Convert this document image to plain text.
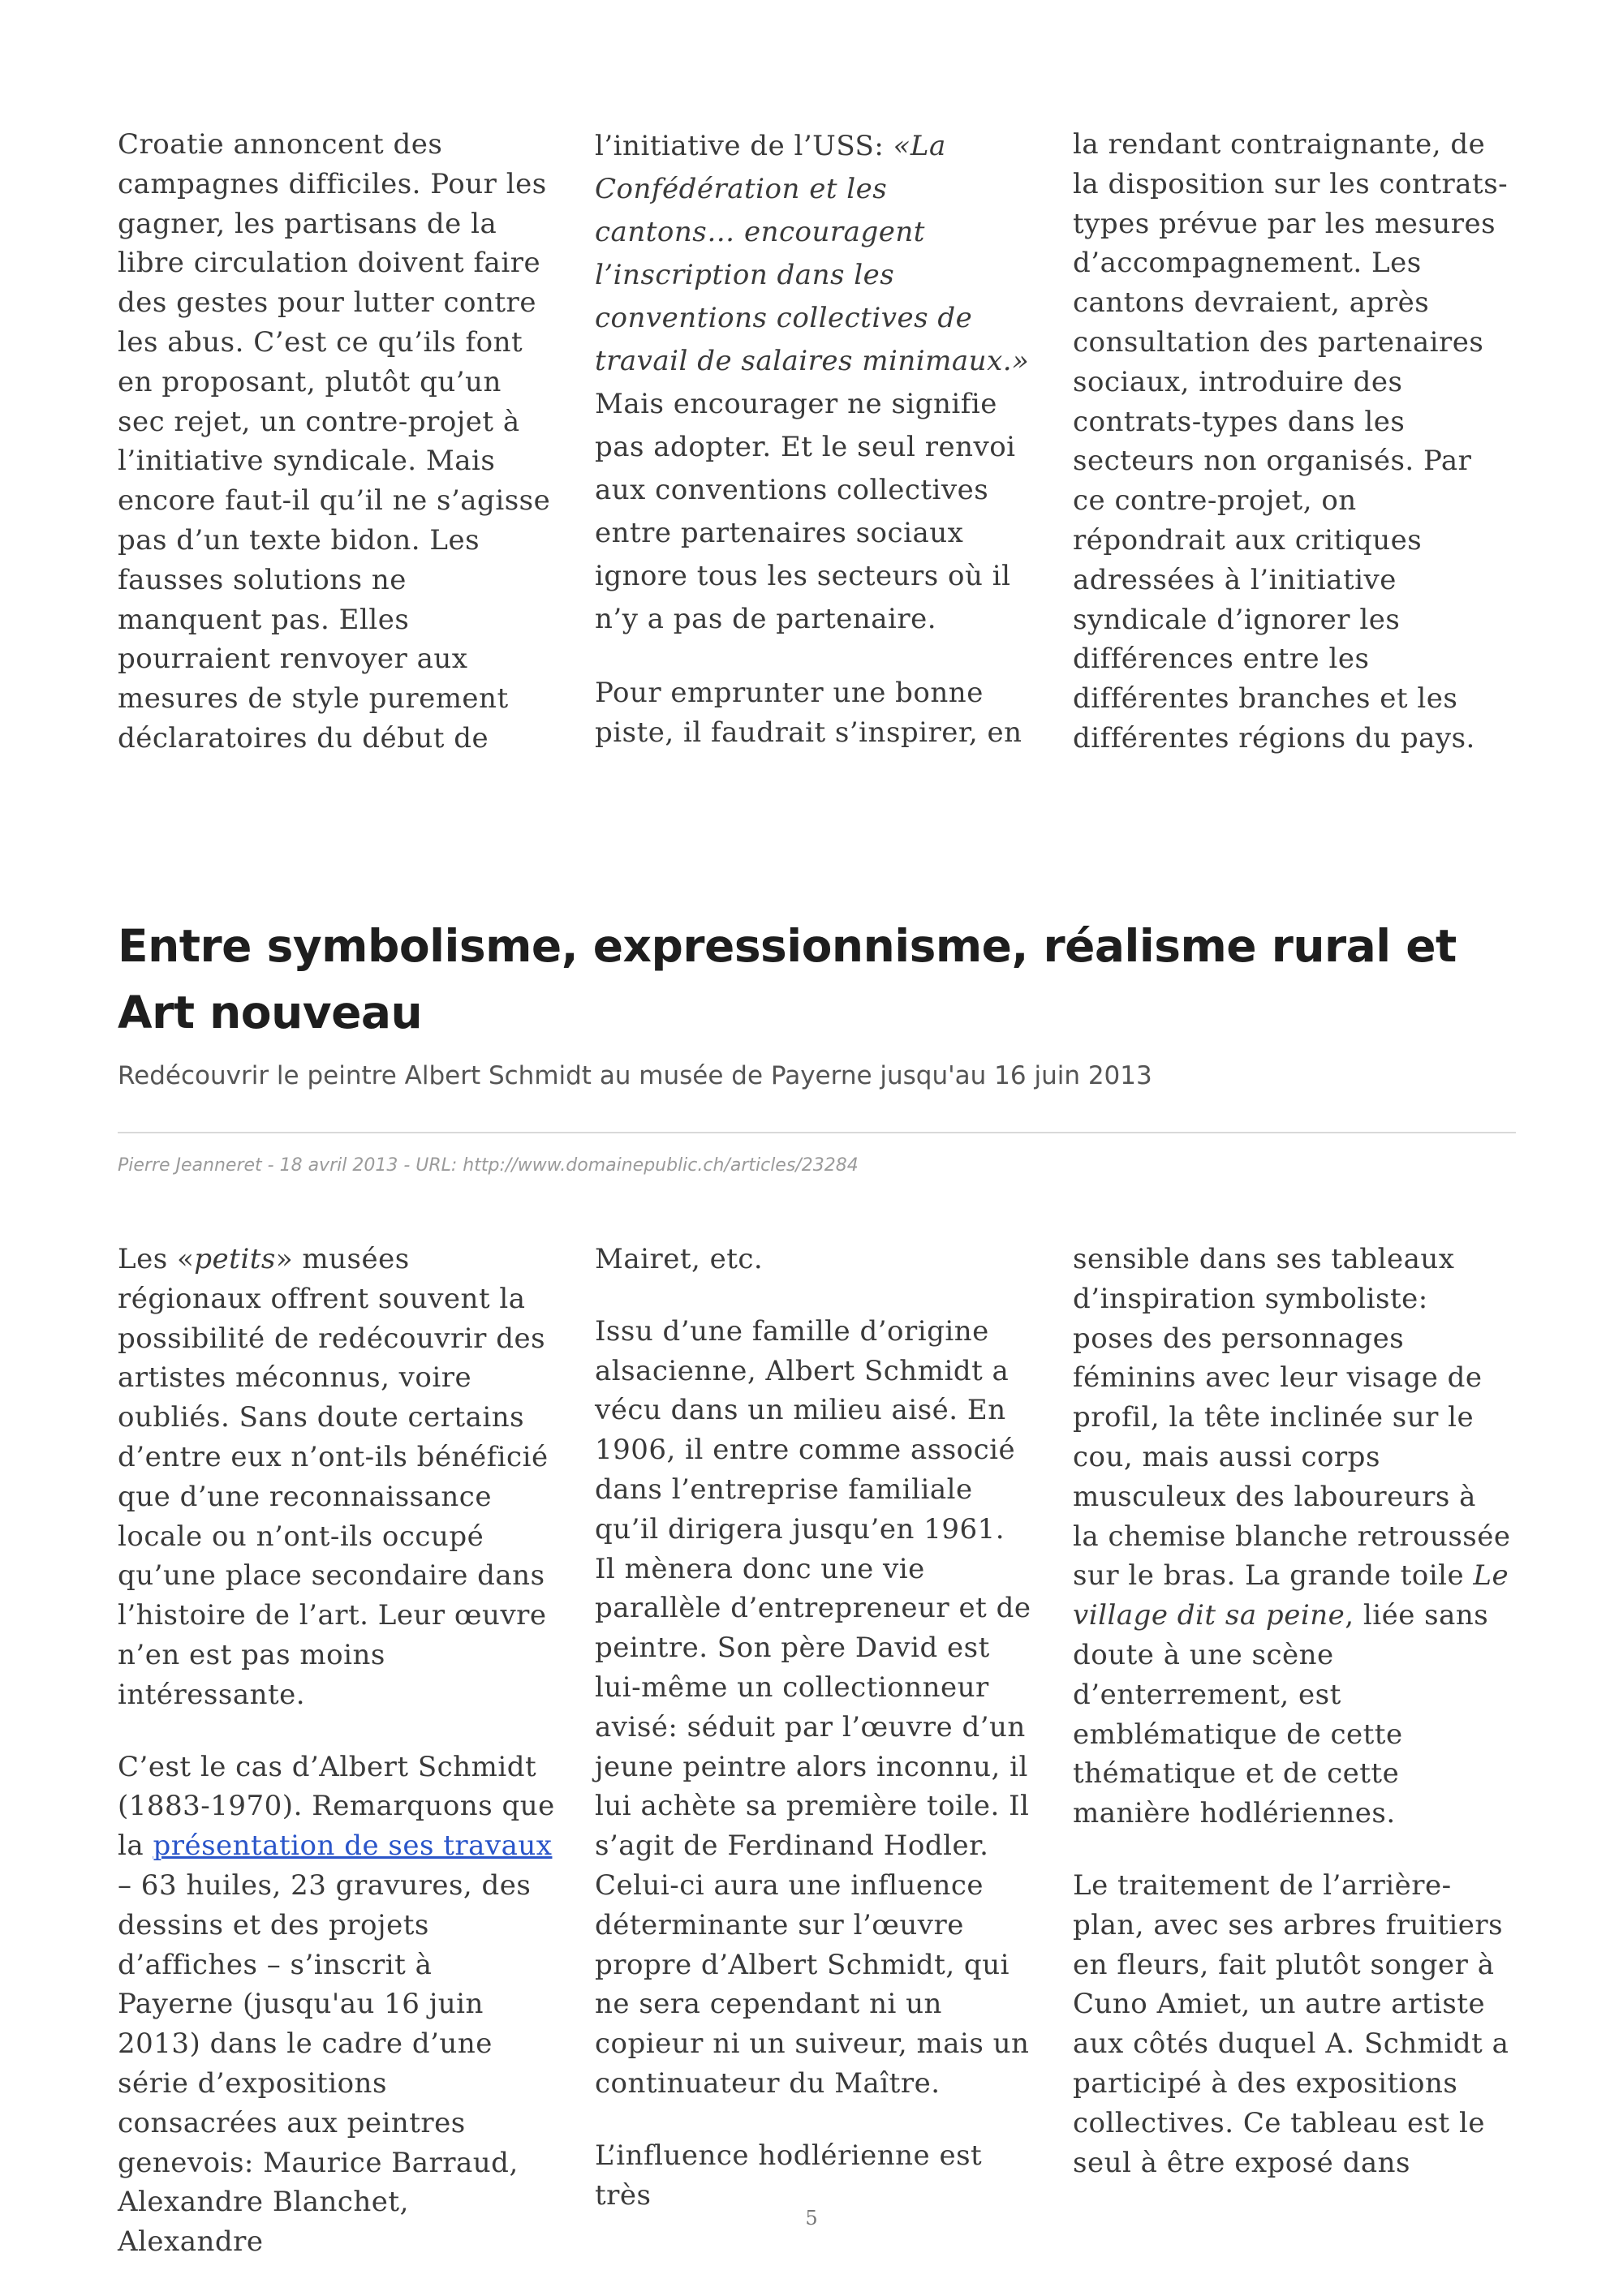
Croatie annoncent des campagnes difficiles. Pour les gagner, les partisans de la libre circulation doivent faire des gestes pour lutter contre les abus. C’est ce qu’ils font en proposant, plutôt qu’un sec rejet, un contre-projet à l’initiative syndicale. Mais encore faut-il qu’il ne s’agisse pas d’un texte bidon. Les fausses solutions ne manquent pas. Elles pourraient renvoyer aux mesures de style purement déclaratoires du début de

l’initiative de l’USS: «La Confédération et les cantons… encouragent l’inscription dans les conventions collectives de travail de salaires minimaux.» Mais encourager ne signifie pas adopter. Et le seul renvoi aux conventions collectives entre partenaires sociaux ignore tous les secteurs où il n’y a pas de partenaire.

Pour emprunter une bonne piste, il faudrait s’inspirer, en

la rendant contraignante, de la disposition sur les contrats-types prévue par les mesures d’accompagnement. Les cantons devraient, après consultation des partenaires sociaux, introduire des contrats-types dans les secteurs non organisés. Par ce contre-projet, on répondrait aux critiques adressées à l’initiative syndicale d’ignorer les différences entre les différentes branches et les différentes régions du pays.

Entre symbolisme, expressionnisme, réalisme rural et Art nouveau
Redécouvrir le peintre Albert Schmidt au musée de Payerne jusqu'au 16 juin 2013
Pierre Jeanneret - 18 avril 2013 - URL: http://www.domainepublic.ch/articles/23284

Les «petits» musées régionaux offrent souvent la possibilité de redécouvrir des artistes méconnus, voire oubliés. Sans doute certains d’entre eux n’ont-ils bénéficié que d’une reconnaissance locale ou n’ont-ils occupé qu’une place secondaire dans l’histoire de l’art. Leur œuvre n’en est pas moins intéressante.

C’est le cas d’Albert Schmidt (1883-1970). Remarquons que la présentation de ses travaux – 63 huiles, 23 gravures, des dessins et des projets d’affiches – s’inscrit à Payerne (jusqu'au 16 juin 2013) dans le cadre d’une série d’expositions consacrées aux peintres genevois: Maurice Barraud, Alexandre Blanchet, Alexandre

Mairet, etc.

Issu d’une famille d’origine alsacienne, Albert Schmidt a vécu dans un milieu aisé. En 1906, il entre comme associé dans l’entreprise familiale qu’il dirigera jusqu’en 1961. Il mènera donc une vie parallèle d’entrepreneur et de peintre. Son père David est lui-même un collectionneur avisé: séduit par l’œuvre d’un jeune peintre alors inconnu, il lui achète sa première toile. Il s’agit de Ferdinand Hodler. Celui-ci aura une influence déterminante sur l’œuvre propre d’Albert Schmidt, qui ne sera cependant ni un copieur ni un suiveur, mais un continuateur du Maître.

L’influence hodlérienne est très

sensible dans ses tableaux d’inspiration symboliste: poses des personnages féminins avec leur visage de profil, la tête inclinée sur le cou, mais aussi corps musculeux des laboureurs à la chemise blanche retroussée sur le bras. La grande toile Le village dit sa peine, liée sans doute à une scène d’enterrement, est emblématique de cette thématique et de cette manière hodlériennes.

Le traitement de l’arrière-plan, avec ses arbres fruitiers en fleurs, fait plutôt songer à Cuno Amiet, un autre artiste aux côtés duquel A. Schmidt a participé à des expositions collectives. Ce tableau est le seul à être exposé dans

5
